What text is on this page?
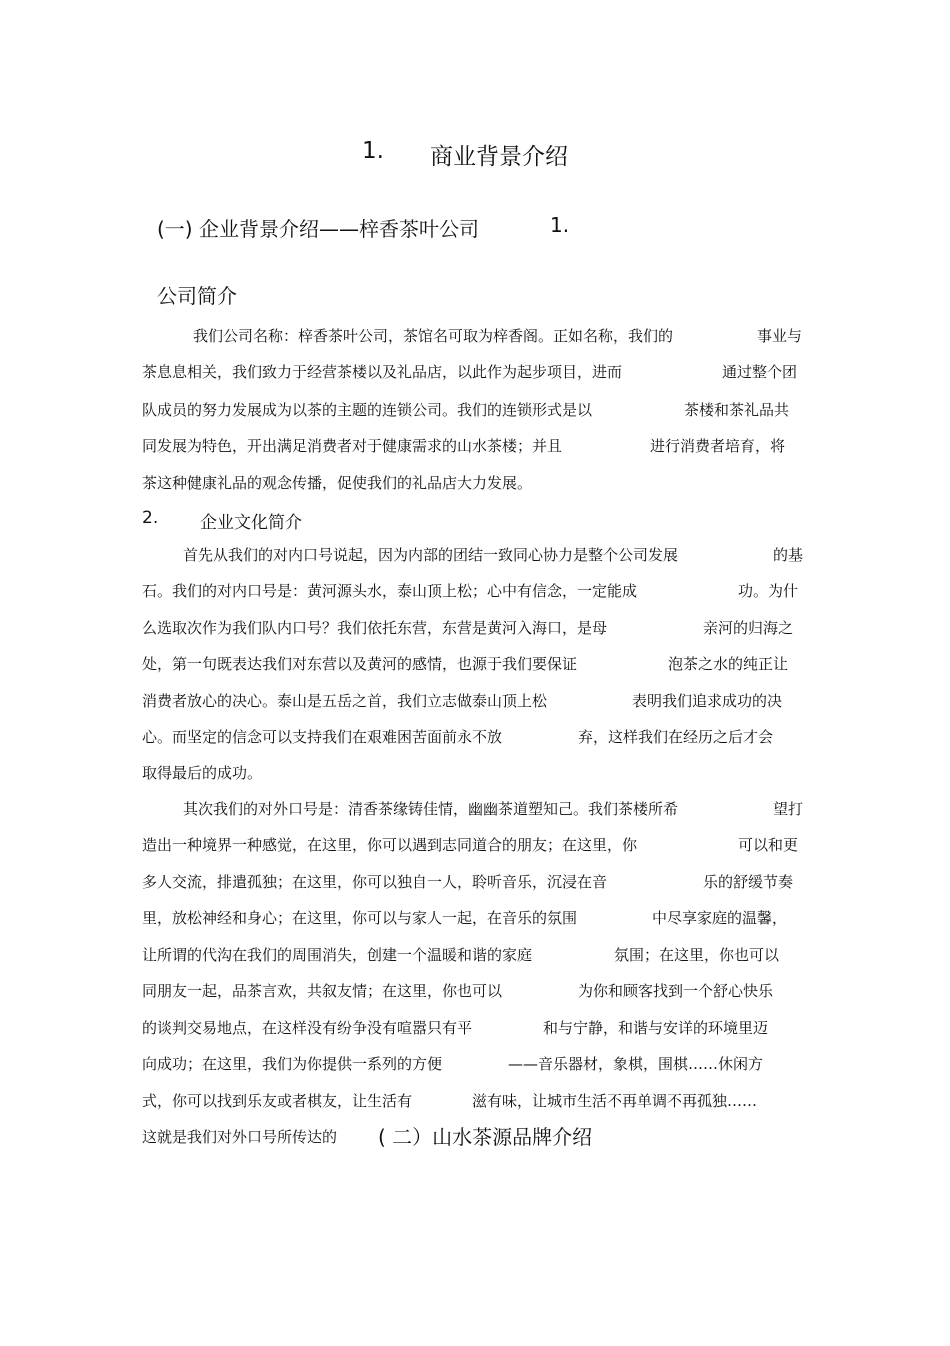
1. 商业背景介绍
(一) 企业背景介绍——梓香茶叶公司	1.
公司简介
我们公司名称：梓香茶叶公司，茶馆名可取为梓香阁。正如名称，我们的	事业与
茶息息相关，我们致力于经营茶楼以及礼品店，以此作为起步项目，进而	通过整个团
队成员的努力发展成为以茶的主题的连锁公司。我们的连锁形式是以	茶楼和茶礼品共
同发展为特色，开出满足消费者对于健康需求的山水茶楼；并且	进行消费者培育，将
茶这种健康礼品的观念传播，促使我们的礼品店大力发展。
2. 企业文化简介
首先从我们的对内口号说起，因为内部的团结一致同心协力是整个公司发展	的基
石。我们的对内口号是：黄河源头水，泰山顶上松；心中有信念，一定能成	功。为什
么选取次作为我们队内口号？我们依托东营，东营是黄河入海口，是母	亲河的归海之
处，第一句既表达我们对东营以及黄河的感情，也源于我们要保证	泡茶之水的纯正让
消费者放心的决心。泰山是五岳之首，我们立志做泰山顶上松	表明我们追求成功的决
心。而坚定的信念可以支持我们在艰难困苦面前永不放	弃，这样我们在经历之后才会
取得最后的成功。
其次我们的对外口号是：清香茶缘铸佳情，幽幽茶道塑知己。我们茶楼所希	望打
造出一种境界一种感觉，在这里，你可以遇到志同道合的朋友；在这里，你	可以和更
多人交流，排遣孤独；在这里，你可以独自一人，聆听音乐，沉浸在音	乐的舒缓节奏
里，放松神经和身心；在这里，你可以与家人一起，在音乐的氛围	中尽享家庭的温馨，
让所谓的代沟在我们的周围消失，创建一个温暖和谐的家庭	氛围；在这里，你也可以
同朋友一起，品茶言欢，共叙友情；在这里，你也可以	为你和顾客找到一个舒心快乐
的谈判交易地点，在这样没有纷争没有喧嚣只有平	和与宁静，和谐与安详的环境里迈
向成功；在这里，我们为你提供一系列的方便	——音乐器材，象棋，围棋……休闲方
式，你可以找到乐友或者棋友，让生活有	滋有味，让城市生活不再单调不再孤独……
这就是我们对外口号所传达的 ( 二）山水茶源品牌介绍
